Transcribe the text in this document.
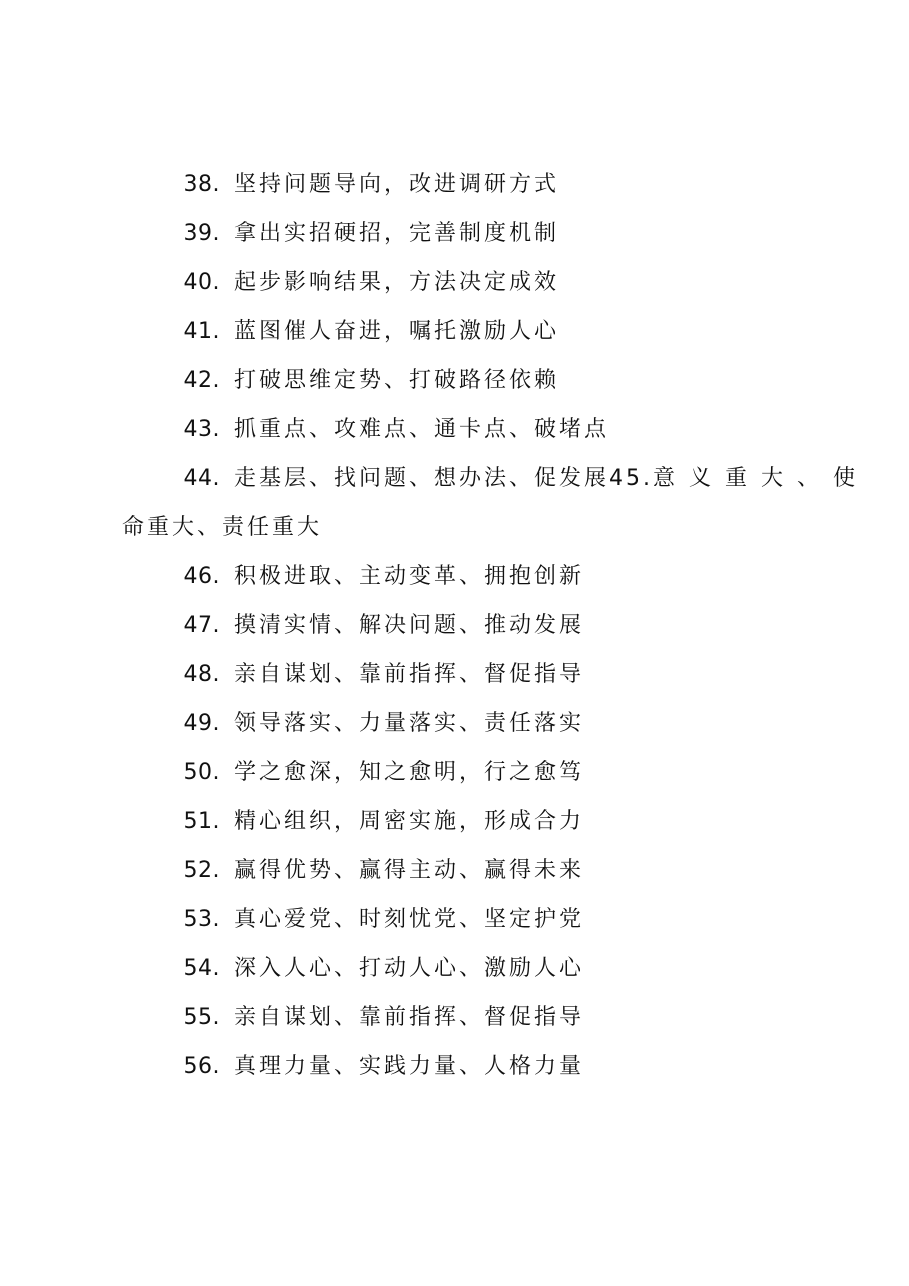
38. 坚持问题导向，改进调研方式
39. 拿出实招硬招，完善制度机制
40. 起步影响结果，方法决定成效
41. 蓝图催人奋进，嘱托激励人心
42. 打破思维定势、打破路径依赖
43. 抓重点、攻难点、通卡点、破堵点
44. 走基层、找问题、想办法、促发展45.意义重大、使
命重大、责任重大
46. 积极进取、主动变革、拥抱创新
47. 摸清实情、解决问题、推动发展
48. 亲自谋划、靠前指挥、督促指导
49. 领导落实、力量落实、责任落实
50. 学之愈深，知之愈明，行之愈笃
51. 精心组织，周密实施，形成合力
52. 赢得优势、赢得主动、赢得未来
53. 真心爱党、时刻忧党、坚定护党
54. 深入人心、打动人心、激励人心
55. 亲自谋划、靠前指挥、督促指导
56. 真理力量、实践力量、人格力量
